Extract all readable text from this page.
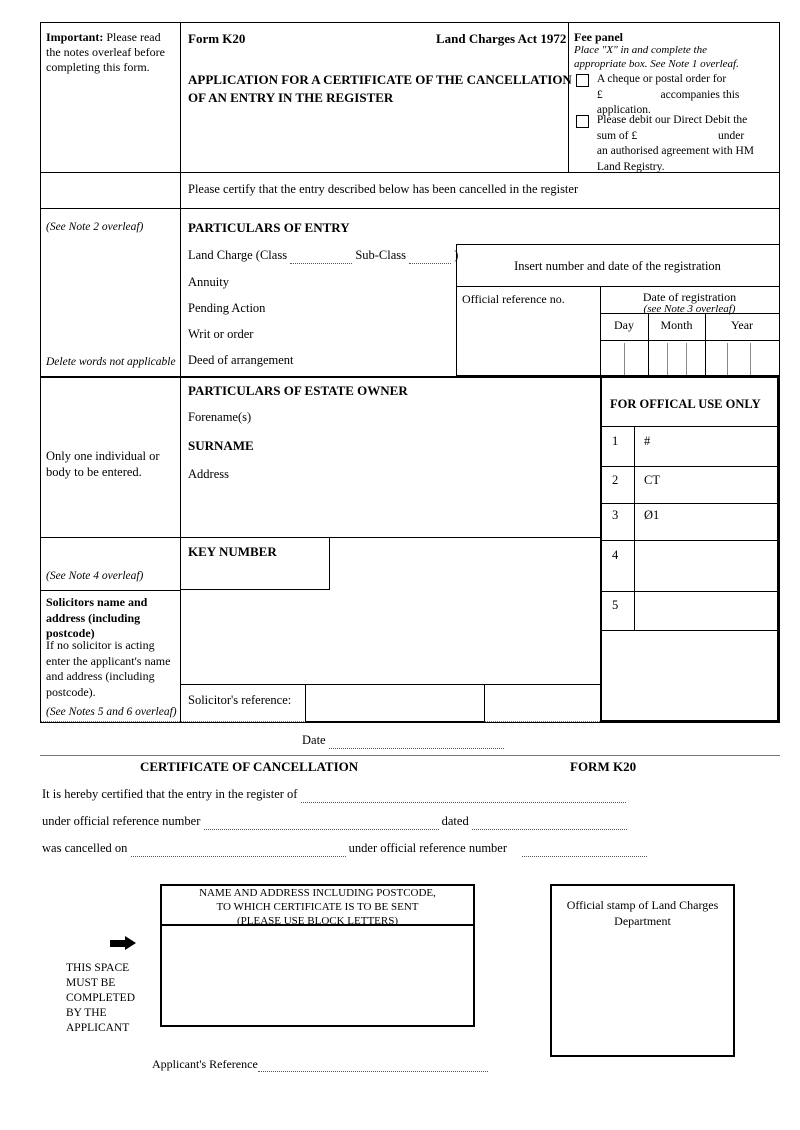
Important: Please read the notes overleaf before completing this form.
Form K20	Land Charges Act 1972
APPLICATION FOR A CERTIFICATE OF THE CANCELLATION
OF AN ENTRY IN THE REGISTER
Fee panel
Place "X" in and complete the
appropriate box. See Note 1 overleaf.
A cheque or postal order for
£	accompanies this
application.
Please debit our Direct Debit the
sum of £	under
an authorised agreement with HM
Land Registry.
Please certify that the entry described below has been cancelled in the register
(See Note 2 overleaf)
Delete words not applicable
PARTICULARS OF ENTRY
Land Charge (Class	Sub-Class	)
Annuity
Pending Action
Writ or order
Deed of arrangement
Insert number and date of the registration
Official reference no.	Date of registration
(see Note 3 overleaf)
Day	Month	Year
Only one individual or
body to be entered.
PARTICULARS OF ESTATE OWNER
Forename(s)
SURNAME
Address
FOR OFFICAL USE ONLY
1 #
2 CT
3 Ø1
4
5
KEY NUMBER
(See Note 4 overleaf)
Solicitors name and
address (including
postcode)
If no solicitor is acting
enter the applicant's name
and address (including
postcode).
(See Notes 5 and 6 overleaf)
Solicitor's reference:
Date
CERTIFICATE OF CANCELLATION	FORM K20
It is hereby certified that the entry in the register of
under official reference number	dated
was cancelled on	under official reference number
NAME AND ADDRESS INCLUDING POSTCODE,
TO WHICH CERTIFICATE IS TO BE SENT
(PLEASE USE BLOCK LETTERS)
Official stamp of Land Charges
Department
THIS SPACE
MUST BE
COMPLETED
BY THE
APPLICANT
Applicant's Reference
